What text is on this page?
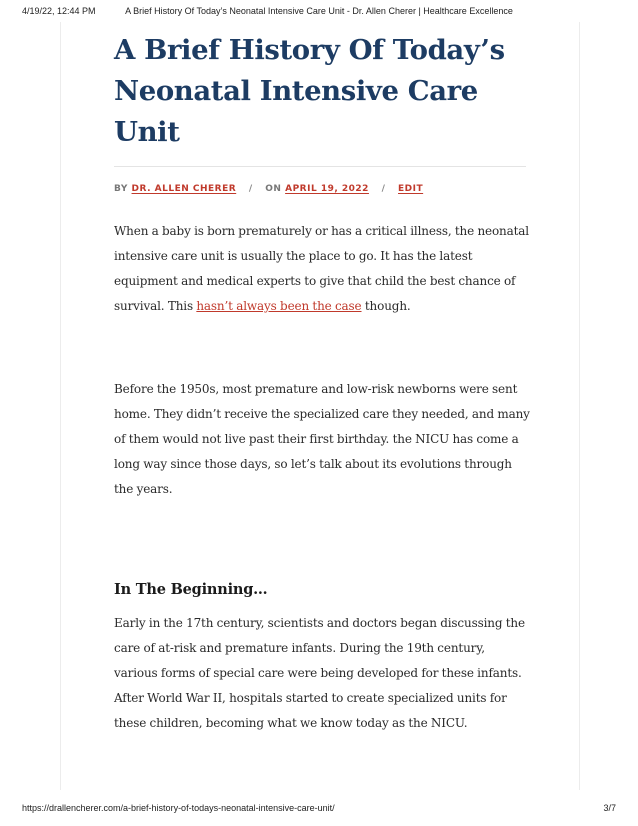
4/19/22, 12:44 PM	A Brief History Of Today’s Neonatal Intensive Care Unit - Dr. Allen Cherer | Healthcare Excellence
A Brief History Of Today’s
Neonatal Intensive Care Unit
BY DR. ALLEN CHERER / ON APRIL 19, 2022 / EDIT

When a baby is born prematurely or has a critical illness, the neonatal intensive care unit is usually the place to go. It has the latest equipment and medical experts to give that child the best chance of survival. This hasn’t always been the case though.

Before the 1950s, most premature and low-risk newborns were sent home. They didn’t receive the specialized care they needed, and many of them would not live past their first birthday. the NICU has come a long way since those days, so let’s talk about its evolutions through the years.

In The Beginning…

Early in the 17th century, scientists and doctors began discussing the care of at-risk and premature infants. During the 19th century, various forms of special care were being developed for these infants. After World War II, hospitals started to create specialized units for these children, becoming what we know today as the NICU.

https://drallencherer.com/a-brief-history-of-todays-neonatal-intensive-care-unit/	3/7
